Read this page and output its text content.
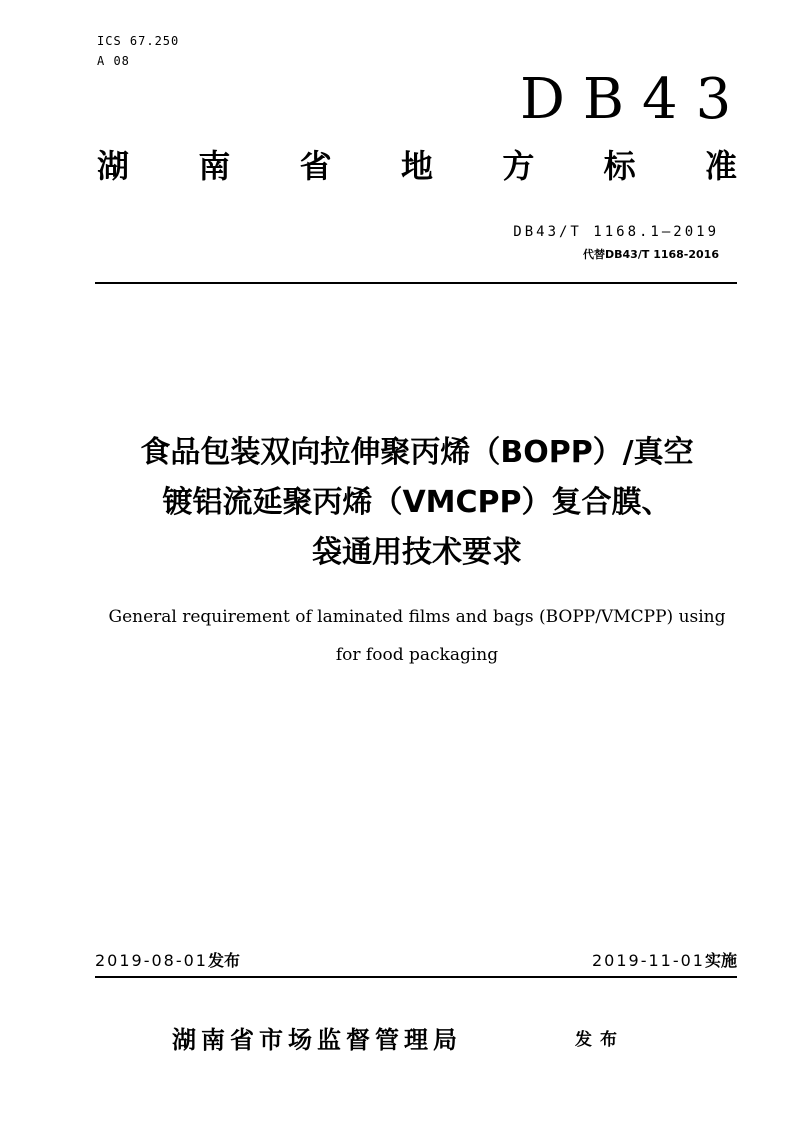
ICS 67.250
A 08
DB43
湖 南 省 地 方 标 准
DB43/T 1168.1—2019
代替DB43/T 1168-2016
食品包装双向拉伸聚丙烯（BOPP）/真空
镀铝流延聚丙烯（VMCPP）复合膜、
袋通用技术要求
General requirement of laminated films and bags (BOPP/VMCPP) using
for food packaging
2019-08-01发布	2019-11-01实施
湖南省市场监督管理局	发布
